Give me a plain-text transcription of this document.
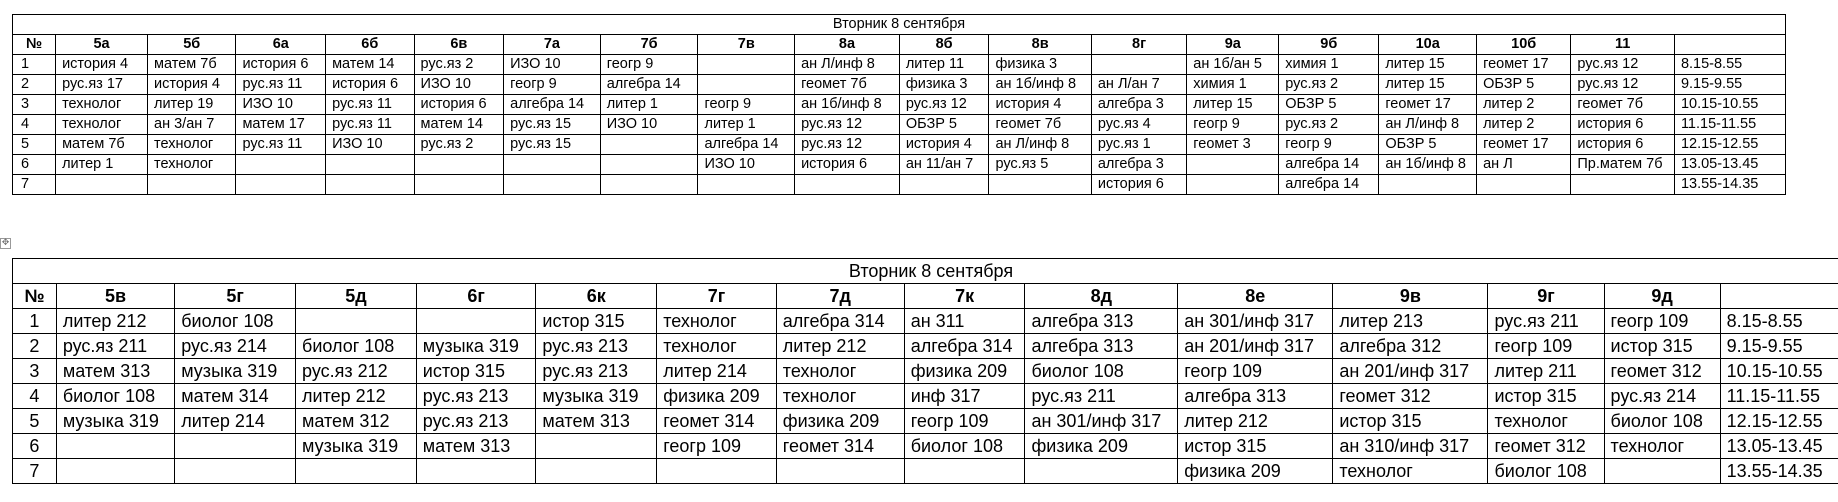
Вторник 8 сентября																		
№	5а	5б	6а	6б	6в	7а	7б	7в	8а	8б	8в	8г	9а	9б	10а	10б	11	
1	история 4	матем 7б	история 6	матем 14	рус.яз 2	ИЗО 10	геогр 9		ан Л/инф 8	литер 11	физика 3		ан 1б/ан 5	химия 1	литер 15	геомет 17	рус.яз 12	8.15-8.55
2	рус.яз 17	история 4	рус.яз 11	история 6	ИЗО 10	геогр 9	алгебра 14		геомет 7б	физика 3	ан 1б/инф 8	ан Л/ан 7	химия 1	рус.яз 2	литер 15	ОБЗР 5	рус.яз 12	9.15-9.55
3	технолог	литер 19	ИЗО 10	рус.яз 11	история 6	алгебра 14	литер 1	геогр 9	ан 1б/инф 8	рус.яз 12	история 4	алгебра 3	литер 15	ОБЗР 5	геомет 17	литер 2	геомет 7б	10.15-10.55
4	технолог	ан 3/ан 7	матем 17	рус.яз 11	матем 14	рус.яз 15	ИЗО 10	литер 1	рус.яз 12	ОБЗР 5	геомет 7б	рус.яз 4	геогр 9	рус.яз 2	ан Л/инф 8	литер 2	история 6	11.15-11.55
5	матем 7б	технолог	рус.яз 11	ИЗО 10	рус.яз 2	рус.яз 15		алгебра 14	рус.яз 12	история 4	ан Л/инф 8	рус.яз 1	геомет 3	геогр 9	ОБЗР 5	геомет 17	история 6	12.15-12.55
6	литер 1	технолог						ИЗО 10	история 6	ан 11/ан 7	рус.яз 5	алгебра 3		алгебра 14	ан 1б/инф 8	ан Л	Пр.матем 7б	13.05-13.45
7												история 6		алгебра 14				13.55-14.35
✥
Вторник 8 сентября														
№	5в	5г	5д	6г	6к	7г	7д	7к	8д	8е	9в	9г	9д	
1	литер 212	биолог 108			истор 315	технолог	алгебра 314	ан 311	алгебра 313	ан 301/инф 317	литер 213	рус.яз 211	геогр 109	8.15-8.55
2	рус.яз 211	рус.яз 214	биолог 108	музыка 319	рус.яз 213	технолог	литер 212	алгебра 314	алгебра 313	ан 201/инф 317	алгебра 312	геогр 109	истор 315	9.15-9.55
3	матем 313	музыка 319	рус.яз 212	истор 315	рус.яз 213	литер 214	технолог	физика 209	биолог 108	геогр 109	ан 201/инф 317	литер 211	геомет 312	10.15-10.55
4	биолог 108	матем 314	литер 212	рус.яз 213	музыка 319	физика 209	технолог	инф 317	рус.яз 211	алгебра 313	геомет 312	истор 315	рус.яз 214	11.15-11.55
5	музыка 319	литер 214	матем 312	рус.яз 213	матем 313	геомет 314	физика 209	геогр 109	ан 301/инф 317	литер 212	истор 315	технолог	биолог 108	12.15-12.55
6			музыка 319	матем 313		геогр 109	геомет 314	биолог 108	физика 209	истор 315	ан 310/инф 317	геомет 312	технолог	13.05-13.45
7										физика 209	технолог	биолог 108		13.55-14.35
